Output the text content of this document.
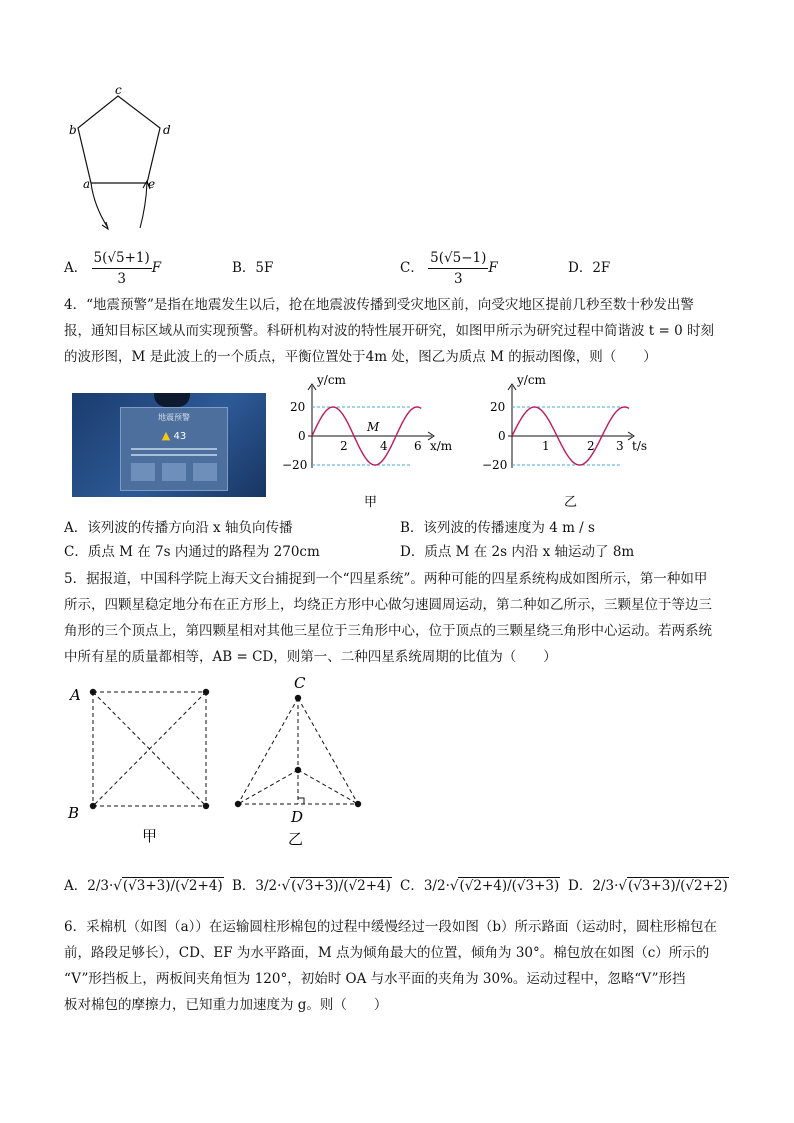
c
b	d
a	e
A． $\frac{5(√5+1)}{3}$ F	B．5F	C． $\frac{5(√5-1)}{3}$ F	D．2F
4．“地震预警”是指在地震发生以后，抢在地震波传播到受灾地区前，向受灾地区提前几秒至数十秒发出警
报，通知目标区域从而实现预警。科研机构对波的特性展开研究，如图甲所示为研究过程中简谐波 t = 0 时刻
的波形图，M 是此波上的一个质点，平衡位置处于4m 处，图乙为质点 M 的振动图像，则（　　）
地震预警
▲ 43
y/cm
x/m
20
0
−20
2	4 6
M
甲
y/cm
t/s
20
0
−20
1	2 3
乙
A．该列波的传播方向沿 x 轴负向传播	B．该列波的传播速度为 4 m / s
C．质点 M 在 7s 内通过的路程为 270cm	D．质点 M 在 2s 内沿 x 轴运动了 8m
5．据报道，中国科学院上海天文台捕捉到一个“四星系统”。两种可能的四星系统构成如图所示，第一种如甲
所示，四颗星稳定地分布在正方形上，均绕正方形中心做匀速圆周运动，第二种如乙所示，三颗星位于等边三
角形的三个顶点上，第四颗星相对其他三星位于三角形中心，位于顶点的三颗星绕三角形中心运动。若两系统
中所有星的质量都相等，AB = CD，则第一、二种四星系统周期的比值为（　　）
A
B
甲
C
D
乙
A．2/3·√(√3+3)/(√2+4) B．3/2·√(√3+3)/(√2+4) C．3/2·√(√2+4)/(√3+3) D．2/3·√(√3+3)/(√2+2)
6．采棉机（如图（a））在运输圆柱形棉包的过程中缓慢经过一段如图（b）所示路面（运动时，圆柱形棉包在
前，路段足够长），CD、EF 为水平路面，M 点为倾角最大的位置，倾角为 30°。棉包放在如图（c）所示的
“V”形挡板上，两板间夹角恒为 120°，初始时 OA 与水平面的夹角为 30%。运动过程中，忽略“V”形挡
板对棉包的摩擦力，已知重力加速度为 g。则（　　）
